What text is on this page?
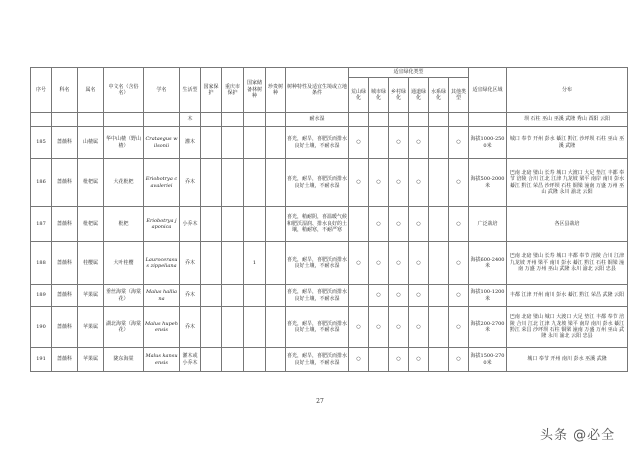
序号	科名	属名	中文名（含俗名）	学名	生活型	国家保护	重庆市保护	国家储备林树种	珍贵树种	树种特性及适宜生境或立地条件	适宜绿化类型						适宜绿化区域	分布
											荒山绿化	城市绿化	乡村绿化	通道绿化	水系绿化	其他类型		
					木					耐水湿								坝 石柱 巫山 巫溪 武隆 秀山 酉阳 云阳
185	蔷薇科	山楂属	华中山楂（野山楂）	Crataegus wilsonii	灌木					喜光，耐旱，喜肥沃而排水良好土壤，不耐水湿	○		○	○		○	海拔1000-2500米	城口 奉节 开州 彭水 綦江 黔江 沙坪坝 石柱 巫山 巫溪 武隆
186	蔷薇科	枇杷属	大花枇杷	Eriobotrya cavaleriei	乔木					喜光，耐旱，喜肥沃而排水良好土壤，不耐水湿	○	○	○	○		○	海拔500-2000米	巴南 北碚 璧山 长寿 城口 大渡口 大足 垫江 丰都 奉节 涪陵 合川 江北 江津 九龙坡 梁平 南岸 南川 彭水 綦江 黔江 荣昌 沙坪坝 石柱 铜梁 潼南 万盛 万州 巫山 武隆 永川 渝北 云阳
187	蔷薇科	枇杷属	枇杷	Eriobotrya japonica	小乔木					喜光，稍耐阴，喜温暖气候和肥沃湿润、排水良好的土壤，稍耐寒，不耐严寒		○	○	○		○	广泛栽培	各区县栽培
188	蔷薇科	桂樱属	大叶桂樱	Laurocerasus zippeliana	乔木			1		喜光，耐旱，喜肥沃而排水良好土壤，不耐水湿	○	○	○	○		○	海拔600-2400米	巴南 北碚 璧山 长寿 城口 丰都 奉节 涪陵 合川 江津 九龙坡 开州 梁平 南川 彭水 綦江 黔江 石柱 铜梁 潼南 万盛 万州 巫山 武隆 永川 渝北 云阳 忠县
189	蔷薇科	苹果属	垂丝海棠（海棠花）	Malus halliana	乔木					喜光，耐旱，喜肥沃而排水良好土壤，不耐水湿		○	○	○		○	海拔100-1200米	丰都 江津 开州 南川 彭水 綦江 黔江 荣昌 武隆 云阳
190	蔷薇科	苹果属	湖北海棠（海棠花）	Malus hupehensis	乔木					喜光，耐旱，喜肥沃而排水良好土壤，不耐水湿	○	○	○	○		○	海拔200-2700米	巴南 北碚 璧山 城口 大渡口 大足 垫江 丰都 奉节 涪陵 合川 江北 江津 九龙坡 梁平 南岸 南川 彭水 綦江 黔江 荣昌 沙坪坝 石柱 铜梁 潼南 万盛 万州 巫山 武隆 永川 渝北 云阳 忠县
191	蔷薇科	苹果属	陇东海棠	Malus kansuensis	灌木或小乔木					喜光，耐旱，喜肥沃而排水良好土壤，不耐水湿	○		○	○		○	海拔1500-2700米	城口 奉节 开州 南川 彭水 巫溪 武隆
27
头条 @必全
